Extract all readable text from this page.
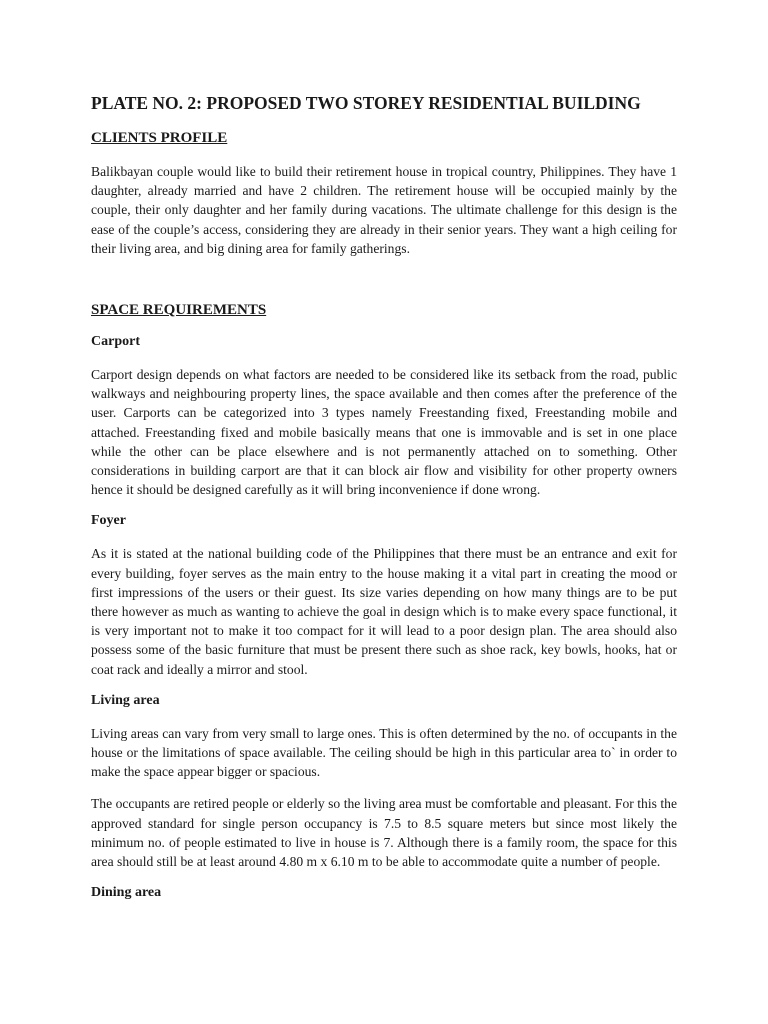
PLATE NO. 2: PROPOSED TWO STOREY RESIDENTIAL BUILDING
CLIENTS PROFILE

Balikbayan couple would like to build their retirement house in tropical country, Philippines. They have 1 daughter, already married and have 2 children. The retirement house will be occupied mainly by the couple, their only daughter and her family during vacations. The ultimate challenge for this design is the ease of the couple’s access, considering they are already in their senior years. They want a high ceiling for their living area, and big dining area for family gatherings.

SPACE REQUIREMENTS
Carport

Carport design depends on what factors are needed to be considered like its setback from the road, public walkways and neighbouring property lines, the space available and then comes after the preference of the user. Carports can be categorized into 3 types namely Freestanding fixed, Freestanding mobile and attached. Freestanding fixed and mobile basically means that one is immovable and is set in one place while the other can be place elsewhere and is not permanently attached on to something. Other considerations in building carport are that it can block air flow and visibility for other property owners hence it should be designed carefully as it will bring inconvenience if done wrong.

Foyer

As it is stated at the national building code of the Philippines that there must be an entrance and exit for every building, foyer serves as the main entry to the house making it a vital part in creating the mood or first impressions of the users or their guest. Its size varies depending on how many things are to be put there however as much as wanting to achieve the goal in design which is to make every space functional, it is very important not to make it too compact for it will lead to a poor design plan. The area should also possess some of the basic furniture that must be present there such as shoe rack, key bowls, hooks, hat or coat rack and ideally a mirror and stool.

Living area

Living areas can vary from very small to large ones. This is often determined by the no. of occupants in the house or the limitations of space available. The ceiling should be high in this particular area to` in order to make the space appear bigger or spacious.

The occupants are retired people or elderly so the living area must be comfortable and pleasant. For this the approved standard for single person occupancy is 7.5 to 8.5 square meters but since most likely the minimum no. of people estimated to live in house is 7. Although there is a family room, the space for this area should still be at least around 4.80 m x 6.10 m to be able to accommodate quite a number of people.

Dining area
